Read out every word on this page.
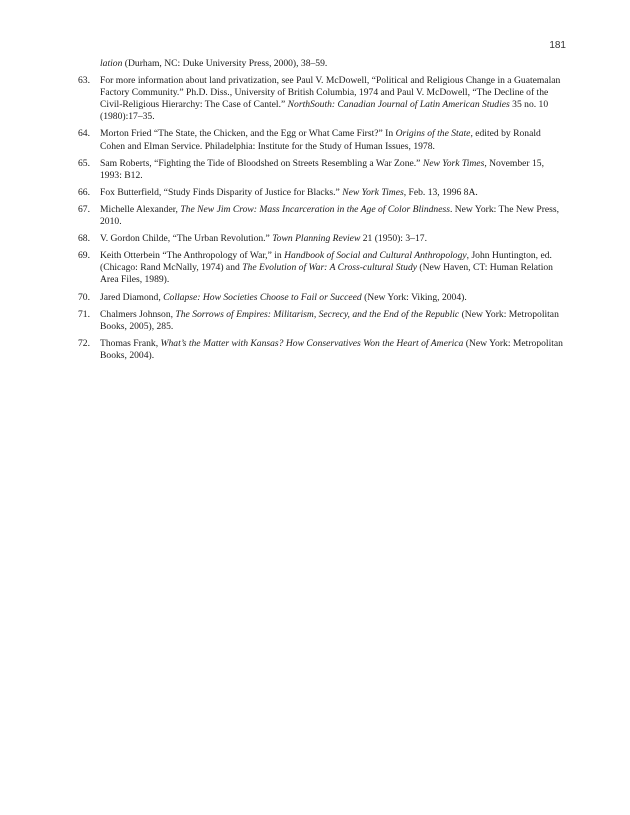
181
lation (Durham, NC: Duke University Press, 2000), 38–59.
63.	For more information about land privatization, see Paul V. McDowell, “Political and Religious Change in a Guatemalan Factory Community.” Ph.D. Diss., University of British Columbia, 1974 and Paul V. McDowell, “The Decline of the Civil-Religious Hierarchy: The Case of Cantel.” NorthSouth: Canadian Journal of Latin American Studies 35 no. 10 (1980):17–35.
64.	Morton Fried “The State, the Chicken, and the Egg or What Came First?” In Origins of the State, edited by Ronald Cohen and Elman Service. Philadelphia: Institute for the Study of Human Issues, 1978.
65.	Sam Roberts, “Fighting the Tide of Bloodshed on Streets Resembling a War Zone.” New York Times, November 15, 1993: B12.
66.	Fox Butterfield, “Study Finds Disparity of Justice for Blacks.” New York Times, Feb. 13, 1996 8A.
67.	Michelle Alexander, The New Jim Crow: Mass Incarceration in the Age of Color Blindness. New York: The New Press, 2010.
68.	V. Gordon Childe, “The Urban Revolution.” Town Planning Review 21 (1950): 3–17.
69.	Keith Otterbein “The Anthropology of War,” in Handbook of Social and Cultural Anthropology, John Huntington, ed. (Chicago: Rand McNally, 1974) and The Evolution of War: A Cross-cultural Study (New Haven, CT: Human Relation Area Files, 1989).
70.	Jared Diamond, Collapse: How Societies Choose to Fail or Succeed (New York: Viking, 2004).
71.	Chalmers Johnson, The Sorrows of Empires: Militarism, Secrecy, and the End of the Republic (New York: Metropolitan Books, 2005), 285.
72.	Thomas Frank, What’s the Matter with Kansas? How Conservatives Won the Heart of America (New York: Metropolitan Books, 2004).
